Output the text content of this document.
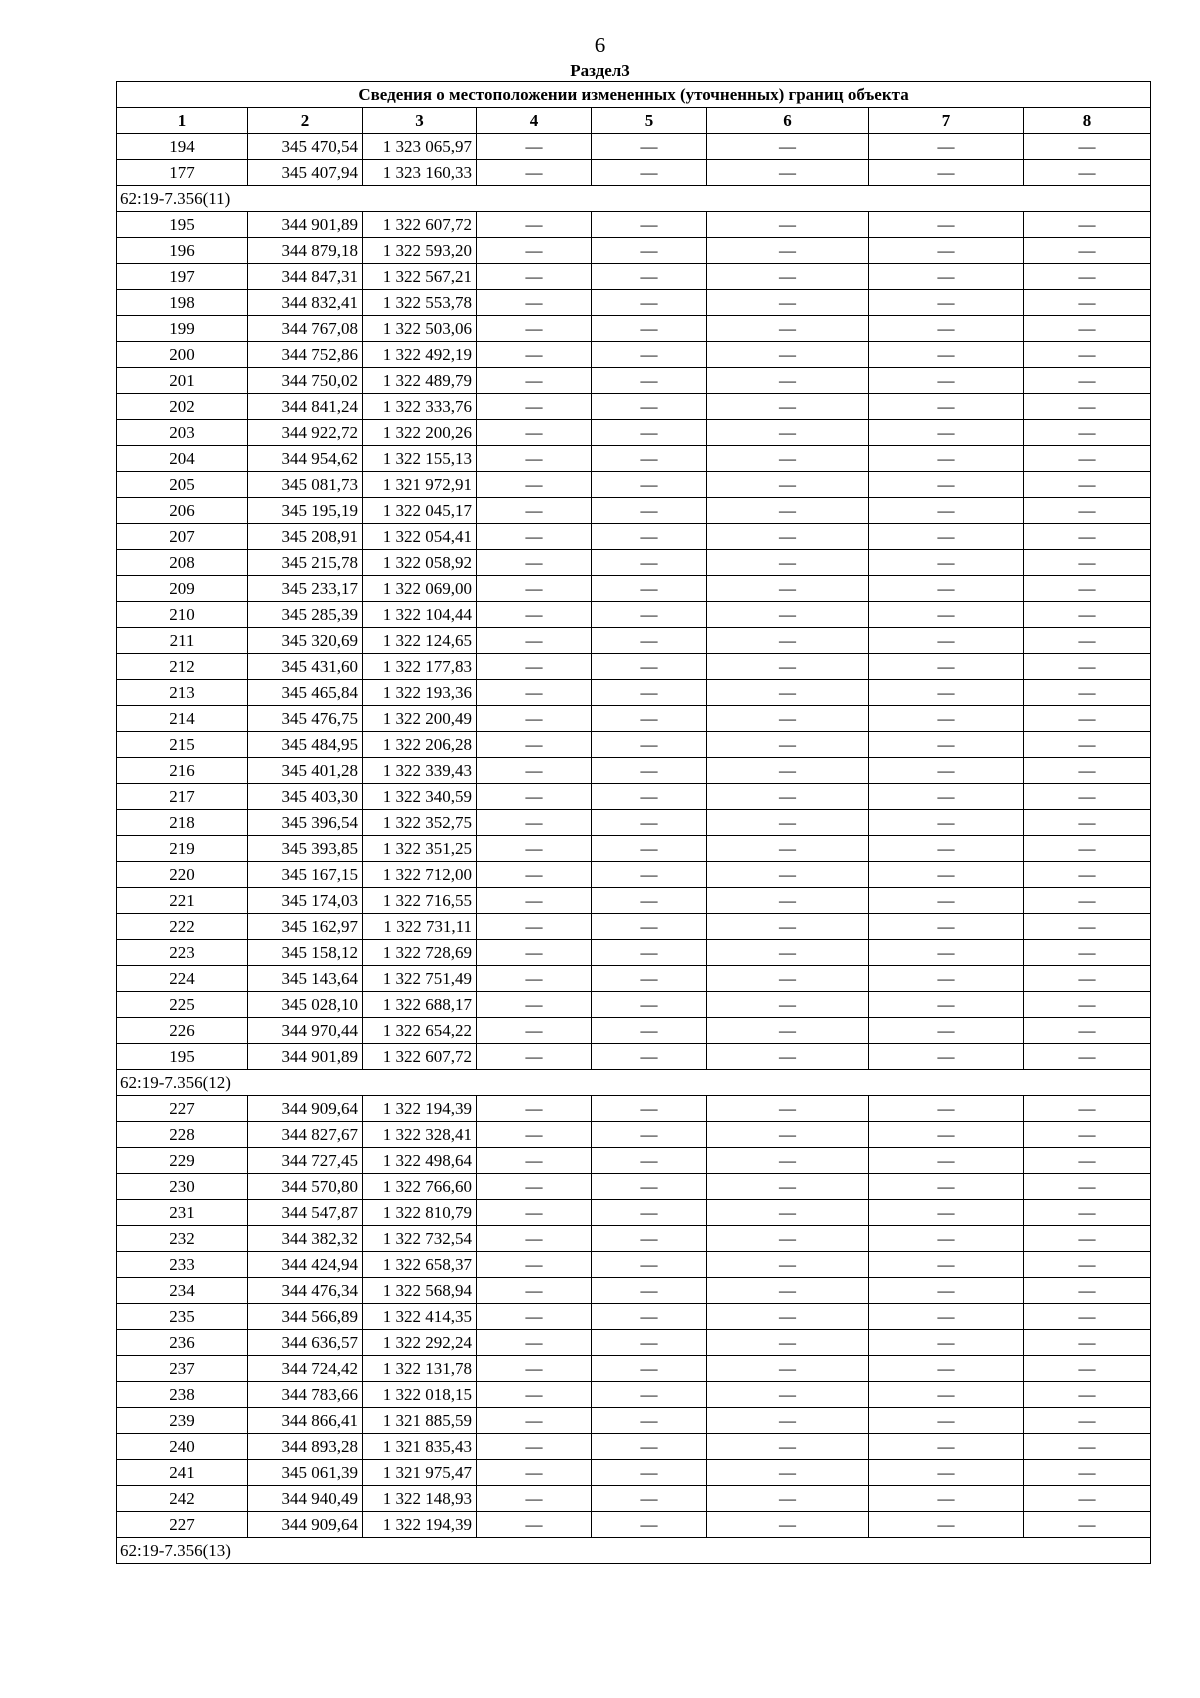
6
Раздел3
Сведения о местоположении измененных (уточненных) границ объекта							
1	2	3	4	5	6	7	8
194	345 470,54	1 323 065,97	—	—	—	—	—
177	345 407,94	1 323 160,33	—	—	—	—	—
62:19-7.356(11)							
195	344 901,89	1 322 607,72	—	—	—	—	—
196	344 879,18	1 322 593,20	—	—	—	—	—
197	344 847,31	1 322 567,21	—	—	—	—	—
198	344 832,41	1 322 553,78	—	—	—	—	—
199	344 767,08	1 322 503,06	—	—	—	—	—
200	344 752,86	1 322 492,19	—	—	—	—	—
201	344 750,02	1 322 489,79	—	—	—	—	—
202	344 841,24	1 322 333,76	—	—	—	—	—
203	344 922,72	1 322 200,26	—	—	—	—	—
204	344 954,62	1 322 155,13	—	—	—	—	—
205	345 081,73	1 321 972,91	—	—	—	—	—
206	345 195,19	1 322 045,17	—	—	—	—	—
207	345 208,91	1 322 054,41	—	—	—	—	—
208	345 215,78	1 322 058,92	—	—	—	—	—
209	345 233,17	1 322 069,00	—	—	—	—	—
210	345 285,39	1 322 104,44	—	—	—	—	—
211	345 320,69	1 322 124,65	—	—	—	—	—
212	345 431,60	1 322 177,83	—	—	—	—	—
213	345 465,84	1 322 193,36	—	—	—	—	—
214	345 476,75	1 322 200,49	—	—	—	—	—
215	345 484,95	1 322 206,28	—	—	—	—	—
216	345 401,28	1 322 339,43	—	—	—	—	—
217	345 403,30	1 322 340,59	—	—	—	—	—
218	345 396,54	1 322 352,75	—	—	—	—	—
219	345 393,85	1 322 351,25	—	—	—	—	—
220	345 167,15	1 322 712,00	—	—	—	—	—
221	345 174,03	1 322 716,55	—	—	—	—	—
222	345 162,97	1 322 731,11	—	—	—	—	—
223	345 158,12	1 322 728,69	—	—	—	—	—
224	345 143,64	1 322 751,49	—	—	—	—	—
225	345 028,10	1 322 688,17	—	—	—	—	—
226	344 970,44	1 322 654,22	—	—	—	—	—
195	344 901,89	1 322 607,72	—	—	—	—	—
62:19-7.356(12)							
227	344 909,64	1 322 194,39	—	—	—	—	—
228	344 827,67	1 322 328,41	—	—	—	—	—
229	344 727,45	1 322 498,64	—	—	—	—	—
230	344 570,80	1 322 766,60	—	—	—	—	—
231	344 547,87	1 322 810,79	—	—	—	—	—
232	344 382,32	1 322 732,54	—	—	—	—	—
233	344 424,94	1 322 658,37	—	—	—	—	—
234	344 476,34	1 322 568,94	—	—	—	—	—
235	344 566,89	1 322 414,35	—	—	—	—	—
236	344 636,57	1 322 292,24	—	—	—	—	—
237	344 724,42	1 322 131,78	—	—	—	—	—
238	344 783,66	1 322 018,15	—	—	—	—	—
239	344 866,41	1 321 885,59	—	—	—	—	—
240	344 893,28	1 321 835,43	—	—	—	—	—
241	345 061,39	1 321 975,47	—	—	—	—	—
242	344 940,49	1 322 148,93	—	—	—	—	—
227	344 909,64	1 322 194,39	—	—	—	—	—
62:19-7.356(13)							
